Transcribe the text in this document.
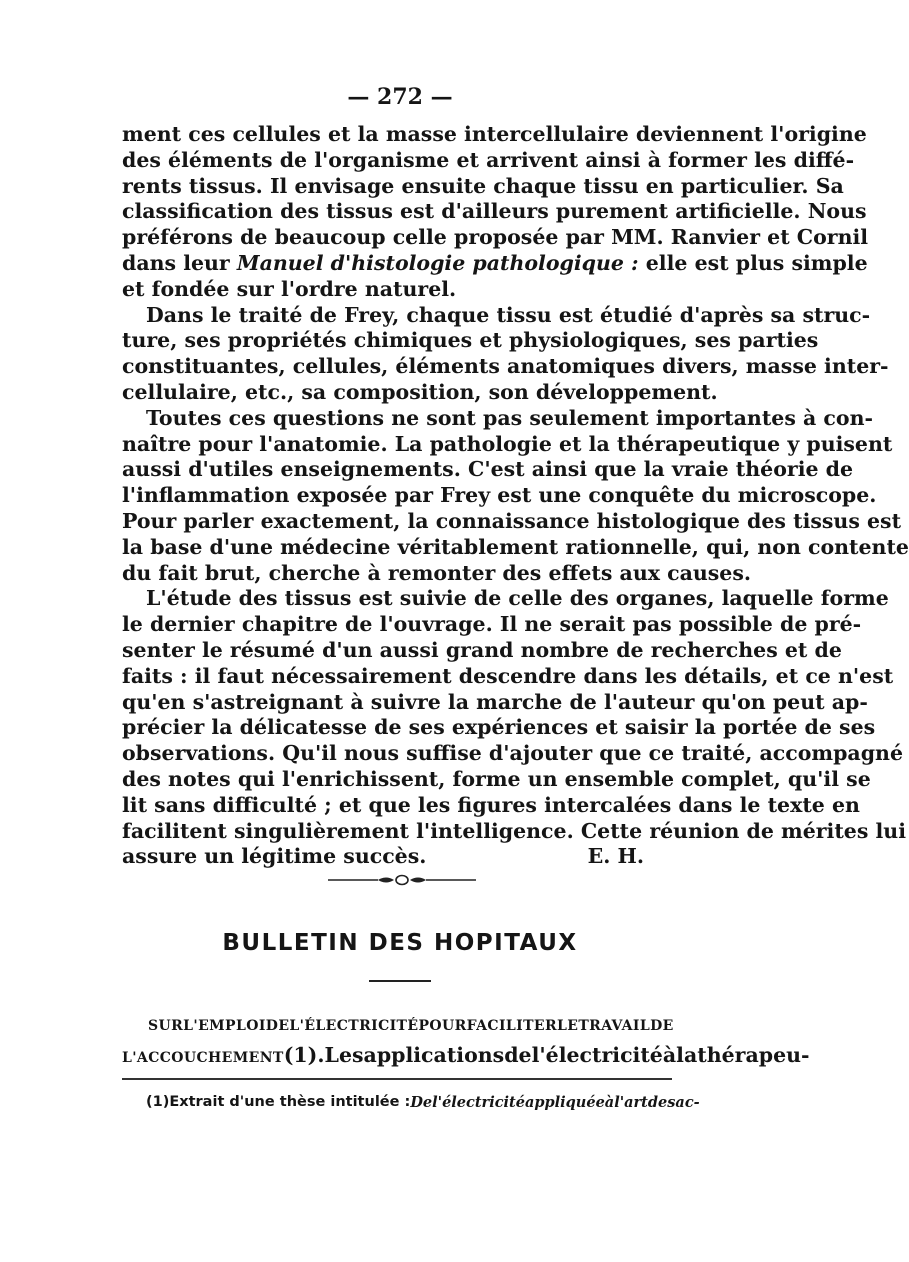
— 272 —
ment ces cellules et la masse intercellulaire deviennent l'origine
des éléments de l'organisme et arrivent ainsi à former les diffé-
rents tissus. Il envisage ensuite chaque tissu en particulier. Sa
classification des tissus est d'ailleurs purement artificielle. Nous
préférons de beaucoup celle proposée par MM. Ranvier et Cornil
dans leur Manuel d'histologie pathologique : elle est plus simple
et fondée sur l'ordre naturel.
Dans le traité de Frey, chaque tissu est étudié d'après sa struc-
ture, ses propriétés chimiques et physiologiques, ses parties
constituantes, cellules, éléments anatomiques divers, masse inter-
cellulaire, etc., sa composition, son développement.
Toutes ces questions ne sont pas seulement importantes à con-
naître pour l'anatomie. La pathologie et la thérapeutique y puisent
aussi d'utiles enseignements. C'est ainsi que la vraie théorie de
l'inflammation exposée par Frey est une conquête du microscope.
Pour parler exactement, la connaissance histologique des tissus est
la base d'une médecine véritablement rationnelle, qui, non contente
du fait brut, cherche à remonter des effets aux causes.
L'étude des tissus est suivie de celle des organes, laquelle forme
le dernier chapitre de l'ouvrage. Il ne serait pas possible de pré-
senter le résumé d'un aussi grand nombre de recherches et de
faits : il faut nécessairement descendre dans les détails, et ce n'est
qu'en s'astreignant à suivre la marche de l'auteur qu'on peut ap-
précier la délicatesse de ses expériences et saisir la portée de ses
observations. Qu'il nous suffise d'ajouter que ce traité, accompagné
des notes qui l'enrichissent, forme un ensemble complet, qu'il se
lit sans difficulté ; et que les figures intercalées dans le texte en
facilitent singulièrement l'intelligence. Cette réunion de mérites lui
assure un légitime succès.	E. H.
BULLETIN DES HOPITAUX
SUR L'EMPLOI DE L'ÉLECTRICITÉ POUR FACILITER LE TRAVAIL DE
L'ACCOUCHEMENT (1). Les applications de l'électricité à la thérapeu-
(1) Extrait d'une thèse intitulée : De l'électricité appliquée à l'art des ac-
